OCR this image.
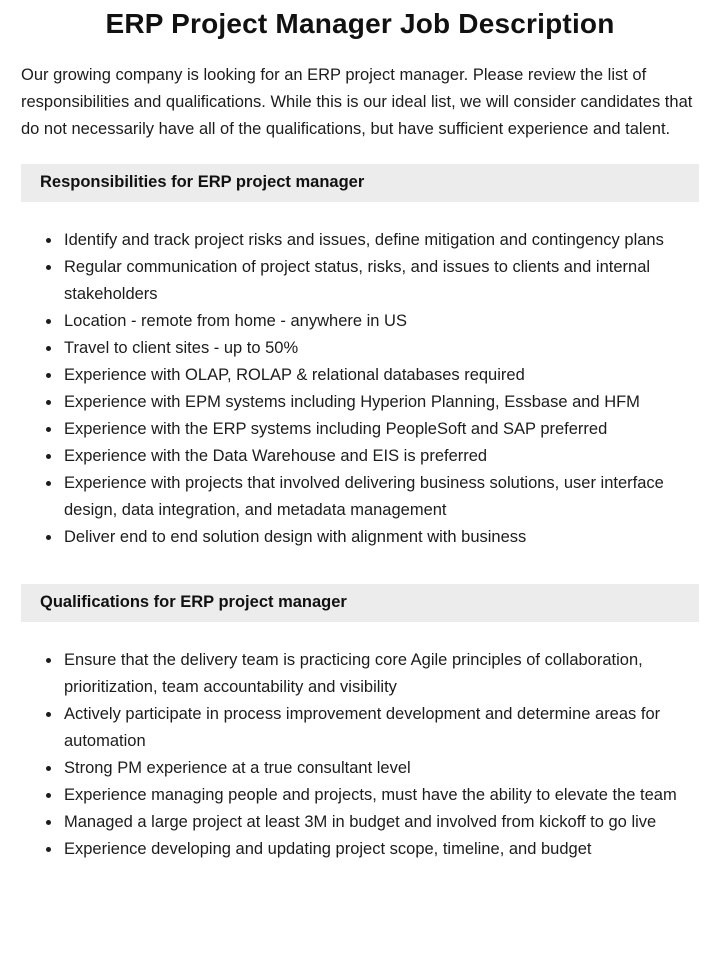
ERP Project Manager Job Description

Our growing company is looking for an ERP project manager. Please review the list of responsibilities and qualifications. While this is our ideal list, we will consider candidates that do not necessarily have all of the qualifications, but have sufficient experience and talent.

Responsibilities for ERP project manager
• Identify and track project risks and issues, define mitigation and contingency plans
• Regular communication of project status, risks, and issues to clients and internal stakeholders
• Location - remote from home - anywhere in US
• Travel to client sites - up to 50%
• Experience with OLAP, ROLAP & relational databases required
• Experience with EPM systems including Hyperion Planning, Essbase and HFM
• Experience with the ERP systems including PeopleSoft and SAP preferred
• Experience with the Data Warehouse and EIS is preferred
• Experience with projects that involved delivering business solutions, user interface design, data integration, and metadata management
• Deliver end to end solution design with alignment with business
Qualifications for ERP project manager
• Ensure that the delivery team is practicing core Agile principles of collaboration, prioritization, team accountability and visibility
• Actively participate in process improvement development and determine areas for automation
• Strong PM experience at a true consultant level
• Experience managing people and projects, must have the ability to elevate the team
• Managed a large project at least 3M in budget and involved from kickoff to go live
• Experience developing and updating project scope, timeline, and budget
